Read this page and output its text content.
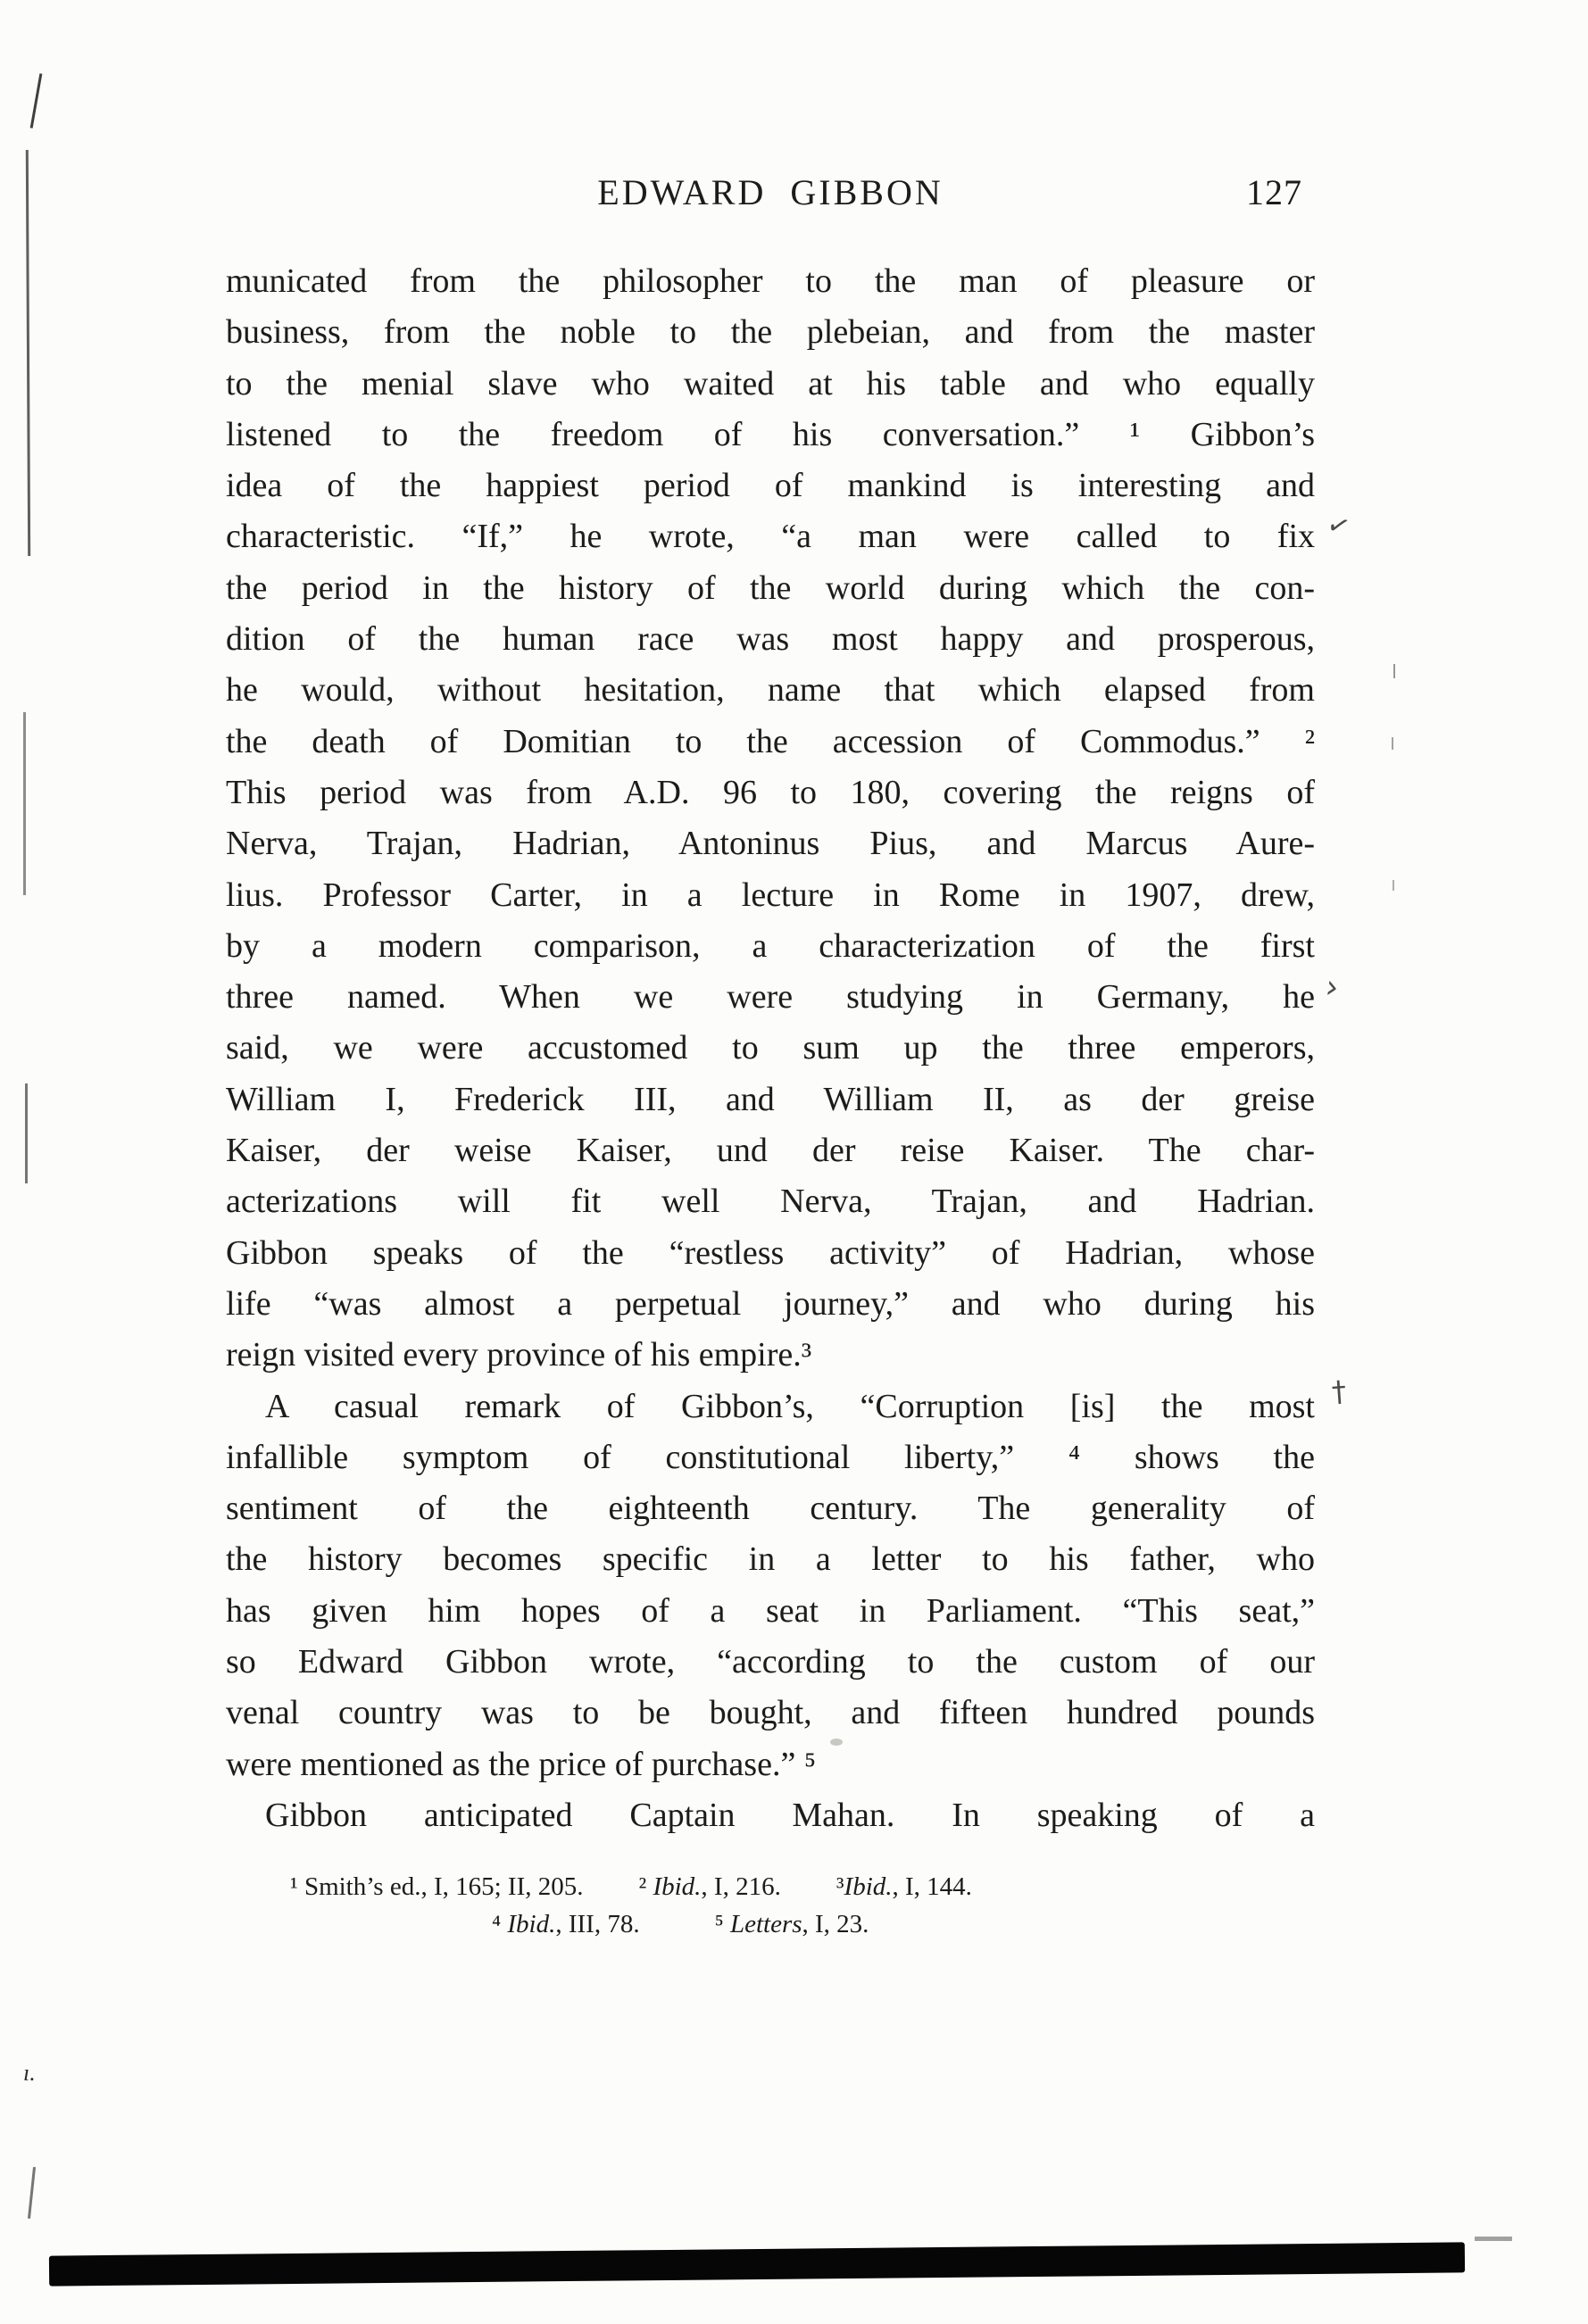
ı.
EDWARD GIBBON	127
municated from the philosopher to the man of pleasure or
business, from the noble to the plebeian, and from the master
to the menial slave who waited at his table and who equally
listened to the freedom of his conversation.” ¹ Gibbon’s
idea of the happiest period of mankind is interesting and
characteristic. “If,” he wrote, “a man were called to fix
the period in the history of the world during which the con-
dition of the human race was most happy and prosperous,
he would, without hesitation, name that which elapsed from
the death of Domitian to the accession of Commodus.” ²
This period was from A.D. 96 to 180, covering the reigns of
Nerva, Trajan, Hadrian, Antoninus Pius, and Marcus Aure-
lius. Professor Carter, in a lecture in Rome in 1907, drew,
by a modern comparison, a characterization of the first
three named. When we were studying in Germany, he
said, we were accustomed to sum up the three emperors,
William I, Frederick III, and William II, as der greise
Kaiser, der weise Kaiser, und der reise Kaiser. The char-
acterizations will fit well Nerva, Trajan, and Hadrian.
Gibbon speaks of the “restless activity” of Hadrian, whose
life “was almost a perpetual journey,” and who during his
reign visited every province of his empire.³
A casual remark of Gibbon’s, “Corruption [is] the most
infallible symptom of constitutional liberty,” ⁴ shows the
sentiment of the eighteenth century. The generality of
the history becomes specific in a letter to his father, who
has given him hopes of a seat in Parliament. “This seat,”
so Edward Gibbon wrote, “according to the custom of our
venal country was to be bought, and fifteen hundred pounds
were mentioned as the price of purchase.” ⁵
Gibbon anticipated Captain Mahan. In speaking of a
¹ Smith’s ed., I, 165; II, 205. ² Ibid., I, 216. ³Ibid., I, 144.
⁴ Ibid., III, 78.	⁵ Letters, I, 23.
✓
›
†
